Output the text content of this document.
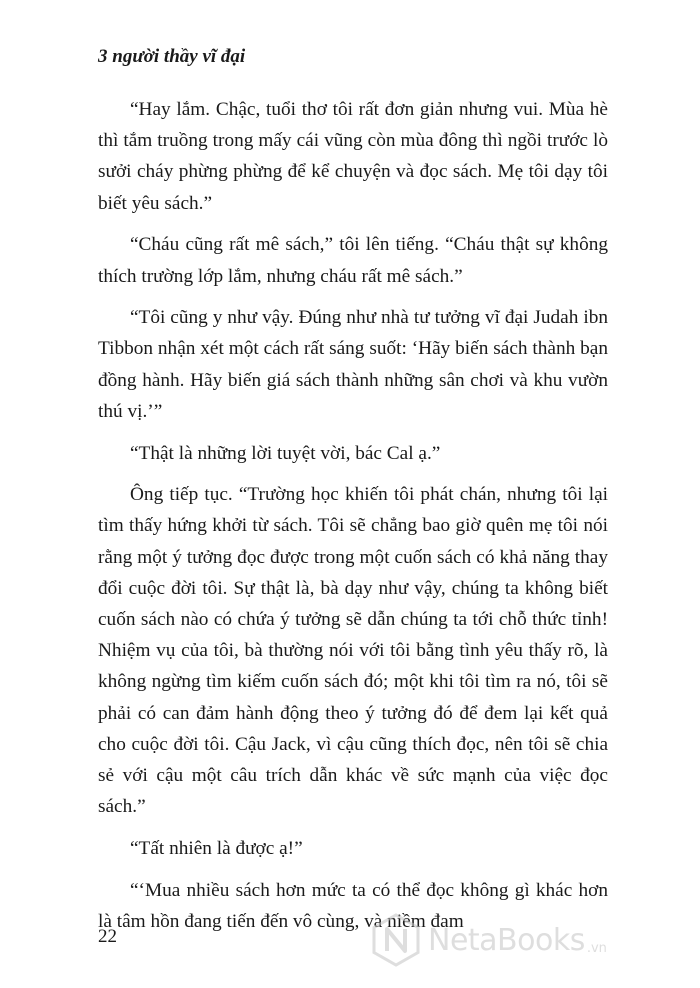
3 người thầy vĩ đại

“Hay lắm. Chậc, tuổi thơ tôi rất đơn giản nhưng vui. Mùa hè thì tắm truồng trong mấy cái vũng còn mùa đông thì ngồi trước lò sưởi cháy phừng phừng để kể chuyện và đọc sách. Mẹ tôi dạy tôi biết yêu sách.”

“Cháu cũng rất mê sách,” tôi lên tiếng. “Cháu thật sự không thích trường lớp lắm, nhưng cháu rất mê sách.”

“Tôi cũng y như vậy. Đúng như nhà tư tưởng vĩ đại Judah ibn Tibbon nhận xét một cách rất sáng suốt: ‘Hãy biến sách thành bạn đồng hành. Hãy biến giá sách thành những sân chơi và khu vườn thú vị.’”

“Thật là những lời tuyệt vời, bác Cal ạ.”

Ông tiếp tục. “Trường học khiến tôi phát chán, nhưng tôi lại tìm thấy hứng khởi từ sách. Tôi sẽ chẳng bao giờ quên mẹ tôi nói rằng một ý tưởng đọc được trong một cuốn sách có khả năng thay đổi cuộc đời tôi. Sự thật là, bà dạy như vậy, chúng ta không biết cuốn sách nào có chứa ý tưởng sẽ dẫn chúng ta tới chỗ thức tỉnh! Nhiệm vụ của tôi, bà thường nói với tôi bằng tình yêu thấy rõ, là không ngừng tìm kiếm cuốn sách đó; một khi tôi tìm ra nó, tôi sẽ phải có can đảm hành động theo ý tưởng đó để đem lại kết quả cho cuộc đời tôi. Cậu Jack, vì cậu cũng thích đọc, nên tôi sẽ chia sẻ với cậu một câu trích dẫn khác về sức mạnh của việc đọc sách.”

“Tất nhiên là được ạ!”

“‘Mua nhiều sách hơn mức ta có thể đọc không gì khác hơn là tâm hồn đang tiến đến vô cùng, và niềm đam

22	NetaBooks .vn
